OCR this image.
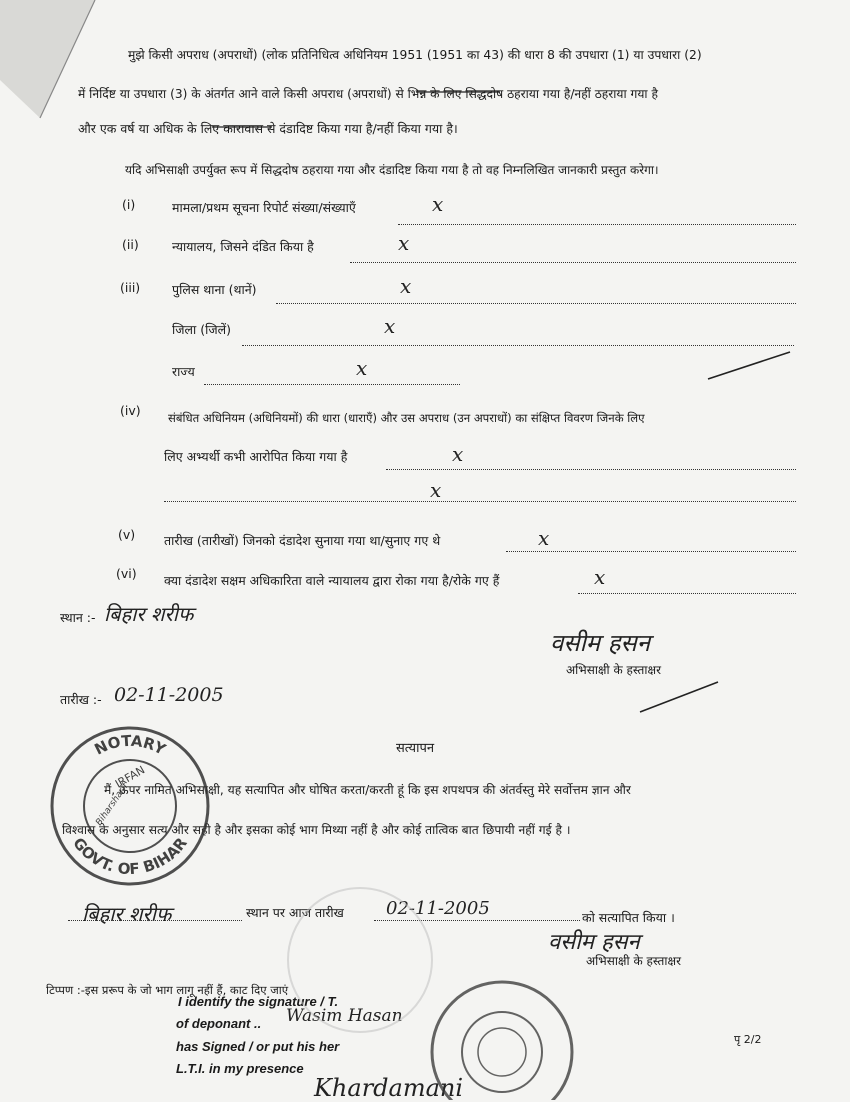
मुझे किसी अपराध (अपराधों) (लोक प्रतिनिधित्व अधिनियम 1951 (1951 का 43) की धारा 8 की उपधारा (1) या उपधारा (2)
में निर्दिष्ट या उपधारा (3) के अंतर्गत आने वाले किसी अपराध (अपराधों) से भिन्न के लिए सिद्धदोष ठहराया गया है/नहीं ठहराया गया है
और एक वर्ष या अधिक के लिए कारावास से दंडादिष्ट किया गया है/नहीं किया गया है।
यदि अभिसाक्षी उपर्युक्त रूप में सिद्धदोष ठहराया गया और दंडादिष्ट किया गया है तो वह निम्नलिखित जानकारी प्रस्तुत करेगा।
(i)	मामला/प्रथम सूचना रिपोर्ट संख्या/संख्याएँ	x
(ii)	न्यायालय, जिसने दंडित किया है	x
(iii)	पुलिस थाना (थानें)	x
जिला (जिलें)	x
राज्य	x
(iv) संबंधित अधिनियम (अधिनियमों) की धारा (धाराएँ) और उस अपराध (उन अपराधों) का संक्षिप्त विवरण जिनके लिए
लिए अभ्यर्थी कभी आरोपित किया गया है	x
x
(v) तारीख (तारीखों) जिनको दंडादेश सुनाया गया था/सुनाए गए थे	x
(vi) क्या दंडादेश सक्षम अधिकारिता वाले न्यायालय द्वारा रोका गया है/रोके गए हैं	x
स्थान :- बिहार शरीफ
वसीम हसन
अभिसाक्षी के हस्ताक्षर
तारीख :- 02-11-2005
सत्यापन
मैं, ऊपर नामित अभिसाक्षी, यह सत्यापित और घोषित करता/करती हूं कि इस शपथपत्र की अंतर्वस्तु मेरे सर्वोत्तम ज्ञान और
विश्वास के अनुसार सत्य और सही है और इसका कोई भाग मिथ्या नहीं है और कोई तात्विक बात छिपायी नहीं गई है ।
बिहार शरीफ	स्थान पर आज तारीख 02-11-2005	को सत्यापित किया ।
वसीम हसन
अभिसाक्षी के हस्ताक्षर
टिप्पण :-इस प्ररूप के जो भाग लागू नहीं हैं, काट दिए जाएं
I identify the signature / T.
of deponant .. Wasim Hasan
has Signed / or put his her
L.T.I. in my presence
Khardamani
पृ 2/2
NOTARY
GOVT. OF BIHAR
IRFAN
Biharsharif
